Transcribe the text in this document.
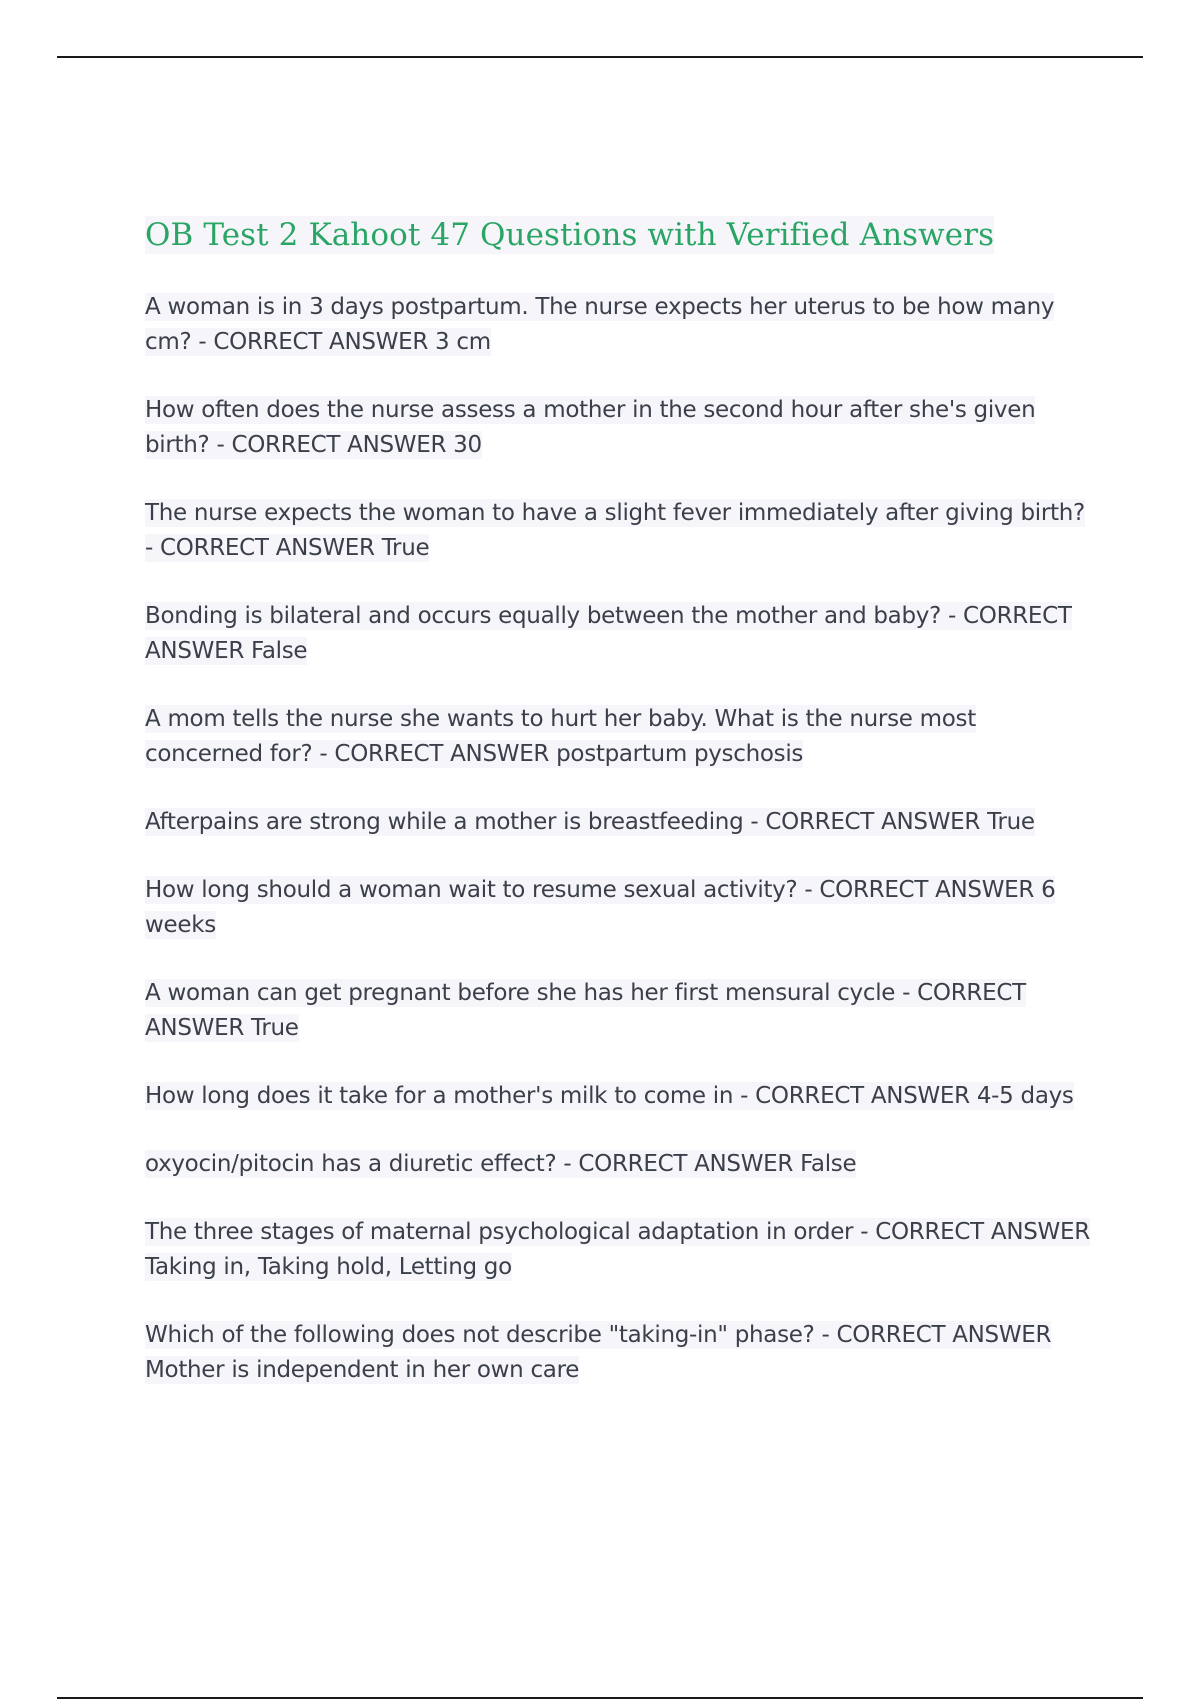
OB Test 2 Kahoot 47 Questions with Verified Answers
A woman is in 3 days postpartum. The nurse expects her uterus to be how many cm? - CORRECT ANSWER 3 cm
How often does the nurse assess a mother in the second hour after she's given birth? - CORRECT ANSWER 30
The nurse expects the woman to have a slight fever immediately after giving birth? - CORRECT ANSWER True
Bonding is bilateral and occurs equally between the mother and baby? - CORRECT ANSWER False
A mom tells the nurse she wants to hurt her baby. What is the nurse most concerned for? - CORRECT ANSWER postpartum pyschosis
Afterpains are strong while a mother is breastfeeding - CORRECT ANSWER True
How long should a woman wait to resume sexual activity? - CORRECT ANSWER 6 weeks
A woman can get pregnant before she has her first mensural cycle - CORRECT ANSWER True
How long does it take for a mother's milk to come in - CORRECT ANSWER 4-5 days
oxyocin/pitocin has a diuretic effect? - CORRECT ANSWER False
The three stages of maternal psychological adaptation in order - CORRECT ANSWER Taking in, Taking hold, Letting go
Which of the following does not describe "taking-in" phase? - CORRECT ANSWER Mother is independent in her own care
